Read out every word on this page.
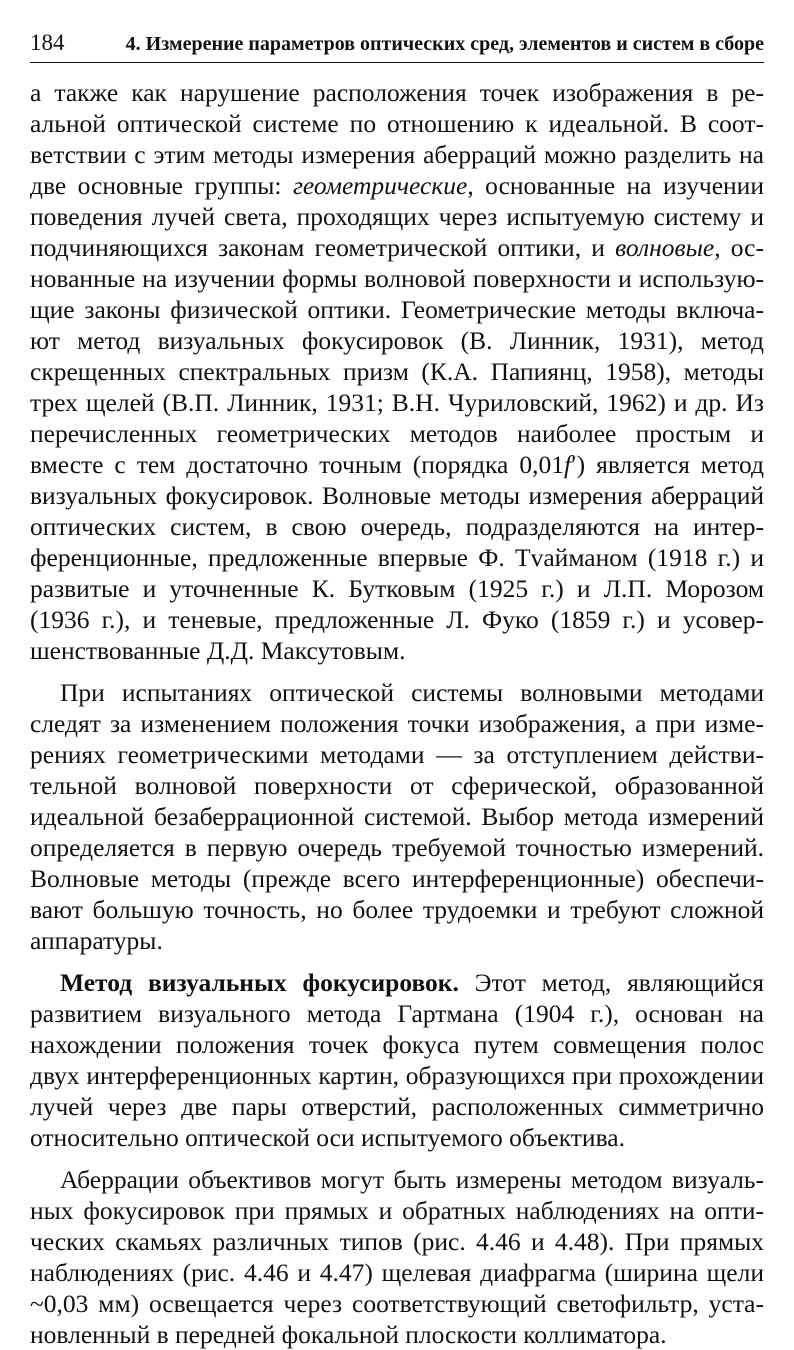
184	4. Измерение параметров оптических сред, элементов и систем в сборе

а также как нарушение расположения точек изображения в реальной оптической системе по отношению к идеальной. В соответствии с этим методы измерения аберраций можно разделить на две основные группы: геометрические, основанные на изучении поведения лучей света, проходящих через испытуемую систему и подчиняющихся законам геометрической оптики, и волновые, основанные на изучении формы волновой поверхности и использующие законы физической оптики. Геометрические методы включают метод визуальных фокусировок (В. Линник, 1931), метод скрещенных спектральных призм (К.А. Папиянц, 1958), методы трех щелей (В.П. Линник, 1931; В.Н. Чуриловский, 1962) и др. Из перечисленных геометрических методов наиболее простым и вместе с тем достаточно точным (порядка 0,01f′) является метод визуальных фокусировок. Волновые методы измерения аберраций оптических систем, в свою очередь, подразделяются на интерференционные, предложенные впервые Ф. Тvайманом (1918 г.) и развитые и уточненные К. Бутковым (1925 г.) и Л.П. Морозом (1936 г.), и теневые, предложенные Л. Фуко (1859 г.) и усовершенствованные Д.Д. Максутовым.

При испытаниях оптической системы волновыми методами следят за изменением положения точки изображения, а при измерениях геометрическими методами — за отступлением действительной волновой поверхности от сферической, образованной идеальной безаберрационной системой. Выбор метода измерений определяется в первую очередь требуемой точностью измерений. Волновые методы (прежде всего интерференционные) обеспечивают большую точность, но более трудоемки и требуют сложной аппаратуры.

Метод визуальных фокусировок. Этот метод, являющийся развитием визуального метода Гартмана (1904 г.), основан на нахождении положения точек фокуса путем совмещения полос двух интерференционных картин, образующихся при прохождении лучей через две пары отверстий, расположенных симметрично относительно оптической оси испытуемого объектива.

Аберрации объективов могут быть измерены методом визуальных фокусировок при прямых и обратных наблюдениях на оптических скамьях различных типов (рис. 4.46 и 4.48). При прямых наблюдениях (рис. 4.46 и 4.47) щелевая диафрагма (ширина щели ~0,03 мм) освещается через соответствующий светофильтр, установленный в передней фокальной плоскости коллиматора.
